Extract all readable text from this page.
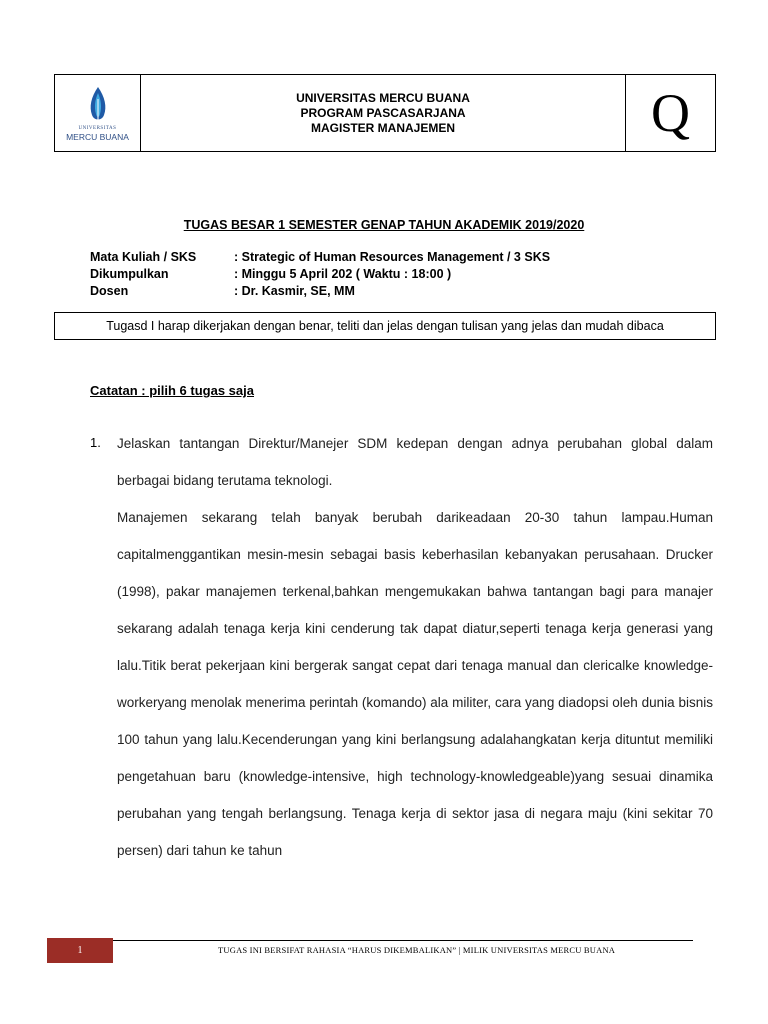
UNIVERSITAS
MERCU BUANA
UNIVERSITAS MERCU BUANA
PROGRAM PASCASARJANA
MAGISTER MANAJEMEN	Q
TUGAS BESAR 1 SEMESTER GENAP TAHUN AKADEMIK 2019/2020
Mata Kuliah / SKS	: Strategic of Human Resources Management / 3 SKS
Dikumpulkan	: Minggu 5 April 202 ( Waktu : 18:00 )
Dosen	: Dr. Kasmir, SE, MM
Tugasd I harap dikerjakan dengan benar, teliti dan jelas dengan tulisan yang jelas dan mudah dibaca
Catatan : pilih 6 tugas saja
1. Jelaskan tantangan Direktur/Manejer SDM kedepan dengan adnya perubahan global dalam berbagai bidang terutama teknologi.

Manajemen sekarang telah banyak berubah darikeadaan 20-30 tahun lampau.Human capitalmenggantikan mesin-mesin sebagai basis keberhasilan kebanyakan perusahaan. Drucker (1998), pakar manajemen terkenal,bahkan mengemukakan bahwa tantangan bagi para manajer sekarang adalah tenaga kerja kini cenderung tak dapat diatur,seperti tenaga kerja generasi yang lalu.Titik berat pekerjaan kini bergerak sangat cepat dari tenaga manual dan clericalke knowledge-workeryang menolak menerima perintah (komando) ala militer, cara yang diadopsi oleh dunia bisnis 100 tahun yang lalu.Kecenderungan yang kini berlangsung adalahangkatan kerja dituntut memiliki pengetahuan baru (knowledge-intensive, high technology-knowledgeable)yang sesuai dinamika perubahan yang tengah berlangsung. Tenaga kerja di sektor jasa di negara maju (kini sekitar 70 persen) dari tahun ke tahun

1	TUGAS INI BERSIFAT RAHASIA “HARUS DIKEMBALIKAN” | MILIK UNIVERSITAS MERCU BUANA
